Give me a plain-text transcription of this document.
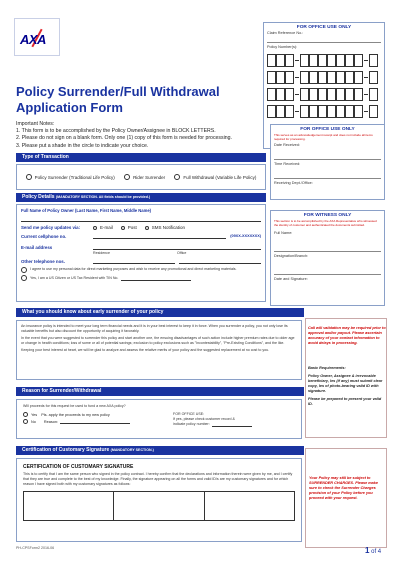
AXA
Policy Surrender/Full Withdrawal Application Form
Important Notes:
1. This form is to be accomplished by the Policy Owner/Assignee in BLOCK LETTERS.
2. Please do not sign on a blank form. Only one (1) copy of this form is needed for processing.
3. Please put a shade in the circle to indicate your choice.
FOR OFFICE USE ONLY
Claim Reference No.:
Policy Number(s):
FOR OFFICE USE ONLY
This serves as an acknowledgement receipt and does not include all items required for processing.
Date Received:
Time Received:
Receiving Dept./Office:
FOR WITNESS ONLY
This section is to be accomplished by the AXA Representative who witnessed the identity of customer and authenticated the documents submitted.
Full Name:
Designation/Branch:
Date and Signature:
Type of Transaction
Policy Surrender (Traditional Life Policy)	Rider Surrender	Full Withdrawal (Variable Life Policy)
Policy Details (MANDATORY SECTION. All fields should be provided.)
Full Name of Policy Owner (Last Name, First Name, Middle Name)
Send me policy updates via:	E-mail	Post	SMS Notification
Current cellphone no.	(09XX-XXXXXXX)
E-mail address
Residence	Office
Other telephone nos.
I agree to use my personal data for direct marketing purposes and wish to receive any promotional and direct marketing materials.
Yes, I am a US Citizen or US Tax Resident with TIN No.
What you should know about early surrender of your policy

An insurance policy is intended to meet your long term financial needs and it is in your best interest to keep it in force. When you surrender a policy, you not only lose its valuable benefits but also discount the opportunity of acquiring it favorably.

In the event that you were suggested to surrender this policy and start another one, the ensuing disadvantages of such action include higher premium rates due to older age or change in health conditions; loss of some or all of potential savings; exclusion to policy exclusions such as "Incontestability", "Pre-Existing Conditions", and the like.

Keeping your best interest at heart, we will be glad to analyze and assess the relative merits of your policy and the suggested replacement at no cost to you.

Reason for Surrender/Withdrawal
Will proceeds for this request be used to fund a new AXA policy?
Yes Pls. apply the proceeds to my new policy
No Reason:
FOR OFFICE USE:
If yes, please check customer record &
indicate policy number:
Certification of Customary Signature (MANDATORY SECTION.)
CERTIFICATION OF CUSTOMARY SIGNATURE

This is to certify that I am the same person who signed in the policy contract. I hereby confirm that the declarations and information therein were given by me, and I certify that they are true and complete to the best of my knowledge. Finally, the signature appearing on all the forms and valid ID/s are my customary signatures and for which reason I have signed both with my customary signatures as follows:

Call will validation may be required prior to approval and/or payout. Please ascertain accuracy of your contact information to avoid delays in processing.
Basic Requirements:
Policy Owner, Assignee & irrevocable beneficiary, Ies (if any) must submit clear copy, Ies of photo-bearing valid ID with signature.
Please be prepared to present your valid ID.
Your Policy may still be subject to SURRENDER CHARGES. Please make sure to check the Surrender Charges provision of your Policy before you proceed with your request.
PH-CPSForm2 2016-06	1 of 4
